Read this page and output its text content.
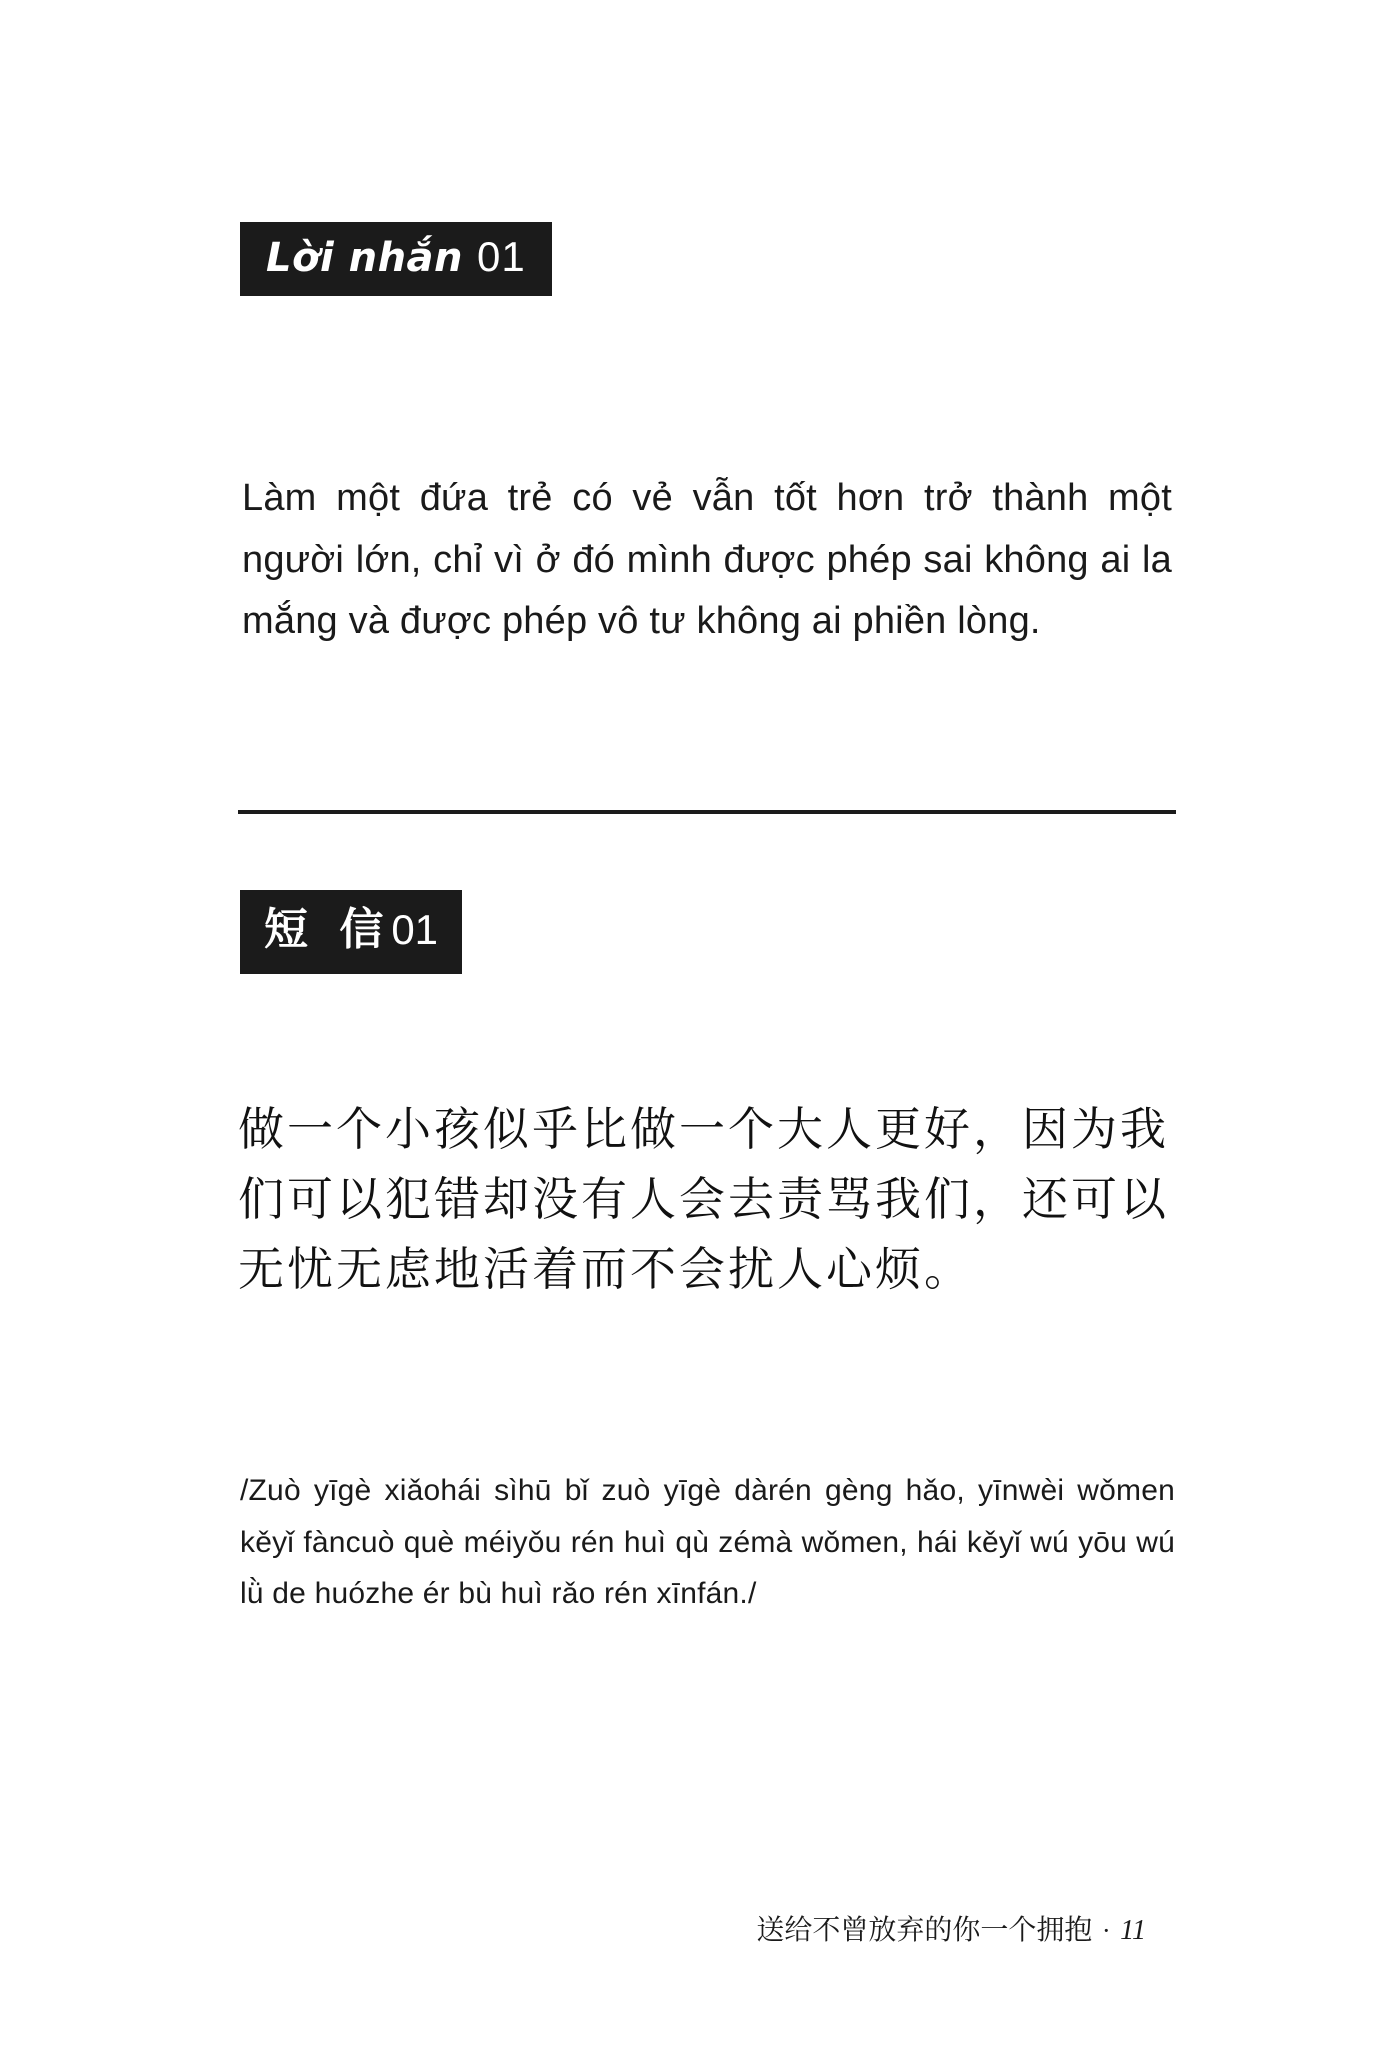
Lời nhắn 01
Làm một đứa trẻ có vẻ vẫn tốt hơn trở thành một người lớn, chỉ vì ở đó mình được phép sai không ai la mắng và được phép vô tư không ai phiền lòng.
短 信01
做一个小孩似乎比做一个大人更好，因为我们可以犯错却没有人会去责骂我们，还可以无忧无虑地活着而不会扰人心烦。
/Zuò yīgè xiǎohái sìhū bǐ zuò yīgè dàrén gèng hǎo, yīnwèi wǒmen kěyǐ fàncuò què méiyǒu rén huì qù zémà wǒmen, hái kěyǐ wú yōu wú lǜ de huózhe ér bù huì rǎo rén xīnfán./
送给不曾放弃的你一个拥抱 · 11
